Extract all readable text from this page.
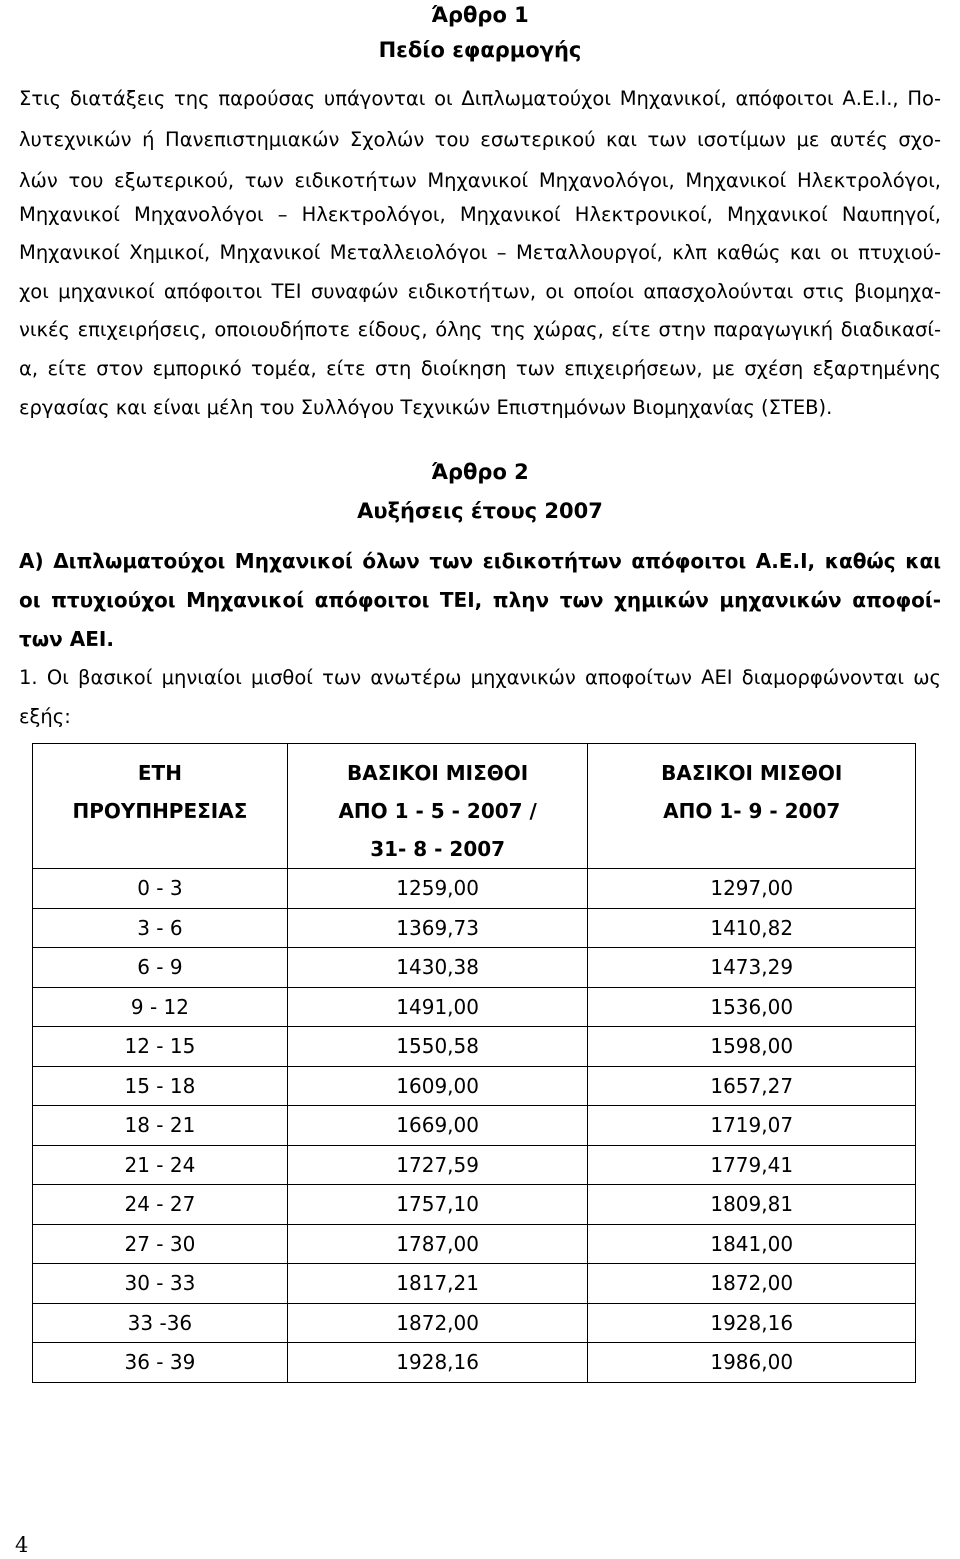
Άρθρο 1
Πεδίο εφαρμογής
Στις διατάξεις της παρούσας υπάγονται οι Διπλωματούχοι Μηχανικοί, απόφοιτοι Α.Ε.Ι., Πο-
λυτεχνικών ή Πανεπιστημιακών Σχολών του εσωτερικού και των ισοτίμων με αυτές σχο-
λών του εξωτερικού, των ειδικοτήτων Μηχανικοί Μηχανολόγοι, Μηχανικοί Ηλεκτρολόγοι,
Μηχανικοί Μηχανολόγοι – Ηλεκτρολόγοι, Μηχανικοί Ηλεκτρονικοί, Μηχανικοί Ναυπηγοί,
Μηχανικοί Χημικοί, Μηχανικοί Μεταλλειολόγοι – Μεταλλουργοί, κλπ καθώς και οι πτυχιού-
χοι μηχανικοί απόφοιτοι ΤΕΙ συναφών ειδικοτήτων, οι οποίοι απασχολούνται στις βιομηχα-
νικές επιχειρήσεις, οποιουδήποτε είδους, όλης της χώρας, είτε στην παραγωγική διαδικασί-
α, είτε στον εμπορικό τομέα, είτε στη διοίκηση των επιχειρήσεων, με σχέση εξαρτημένης
εργασίας και είναι μέλη του Συλλόγου Τεχνικών Επιστημόνων Βιομηχανίας (ΣΤΕΒ).
Άρθρο 2
Αυξήσεις έτους 2007
Α) Διπλωματούχοι Μηχανικοί όλων των ειδικοτήτων απόφοιτοι Α.Ε.Ι, καθώς και
οι πτυχιούχοι Μηχανικοί απόφοιτοι ΤΕΙ, πλην των χημικών μηχανικών αποφοί-
των ΑΕΙ.
1. Οι βασικοί μηνιαίοι μισθοί των ανωτέρω μηχανικών αποφοίτων ΑΕΙ διαμορφώνονται ως
εξής:
ΕΤΗ
ΠΡΟΥΠΗΡΕΣΙΑΣ	ΒΑΣΙΚΟΙ ΜΙΣΘΟΙ
ΑΠΟ 1 - 5 - 2007 /
31- 8 - 2007	ΒΑΣΙΚΟΙ ΜΙΣΘΟΙ
ΑΠΟ 1- 9 - 2007

0 - 3	1259,00	1297,00
3 - 6	1369,73	1410,82
6 - 9	1430,38	1473,29
9 - 12	1491,00	1536,00
12 - 15	1550,58	1598,00
15 - 18	1609,00	1657,27
18 - 21	1669,00	1719,07
21 - 24	1727,59	1779,41
24 - 27	1757,10	1809,81
27 - 30	1787,00	1841,00
30 - 33	1817,21	1872,00
33 -36	1872,00	1928,16
36 - 39	1928,16	1986,00
4
